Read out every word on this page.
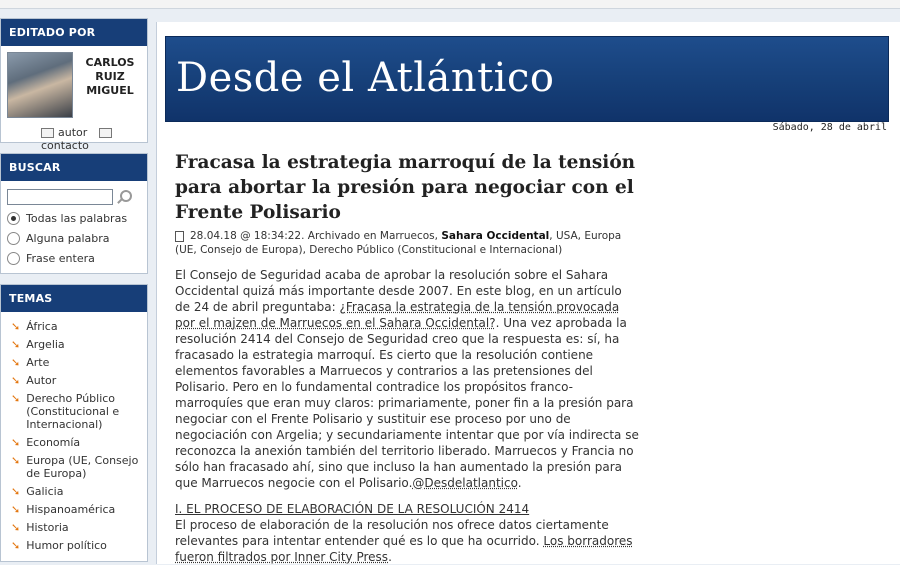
EDITADO POR
CARLOS
RUIZ
MIGUEL
autor contacto
BUSCAR
Todas las palabras
Alguna palabra
Frase entera
TEMAS
➘ África
➘ Argelia
➘ Arte
➘ Autor
➘ Derecho Público (Constitucional e Internacional)
➘ Economía
➘ Europa (UE, Consejo de Europa)
➘ Galicia
➘ Hispanoamérica
➘ Historia
➘ Humor político
Desde el Atlántico
Sábado, 28 de abril
Fracasa la estrategia marroquí de la tensión para abortar la presión para negociar con el Frente Polisario
28.04.18 @ 18:34:22. Archivado en Marruecos, Sahara Occidental, USA, Europa (UE, Consejo de Europa), Derecho Público (Constitucional e Internacional)
El Consejo de Seguridad acaba de aprobar la resolución sobre el Sahara Occidental quizá más importante desde 2007. En este blog, en un artículo de 24 de abril preguntaba: ¿Fracasa la estrategia de la tensión provocada por el majzen de Marruecos en el Sahara Occidental?. Una vez aprobada la resolución 2414 del Consejo de Seguridad creo que la respuesta es: sí, ha fracasado la estrategia marroquí. Es cierto que la resolución contiene elementos favorables a Marruecos y contrarios a las pretensiones del Polisario. Pero en lo fundamental contradice los propósitos franco-marroquíes que eran muy claros: primariamente, poner fin a la presión para negociar con el Frente Polisario y sustituir ese proceso por uno de negociación con Argelia; y secundariamente intentar que por vía indirecta se reconozca la anexión también del territorio liberado. Marruecos y Francia no sólo han fracasado ahí, sino que incluso la han aumentado la presión para que Marruecos negocie con el Polisario.@Desdelatlantico.
I. EL PROCESO DE ELABORACIÓN DE LA RESOLUCIÓN 2414
El proceso de elaboración de la resolución nos ofrece datos ciertamente relevantes para intentar entender qué es lo que ha ocurrido. Los borradores fueron filtrados por Inner City Press.
